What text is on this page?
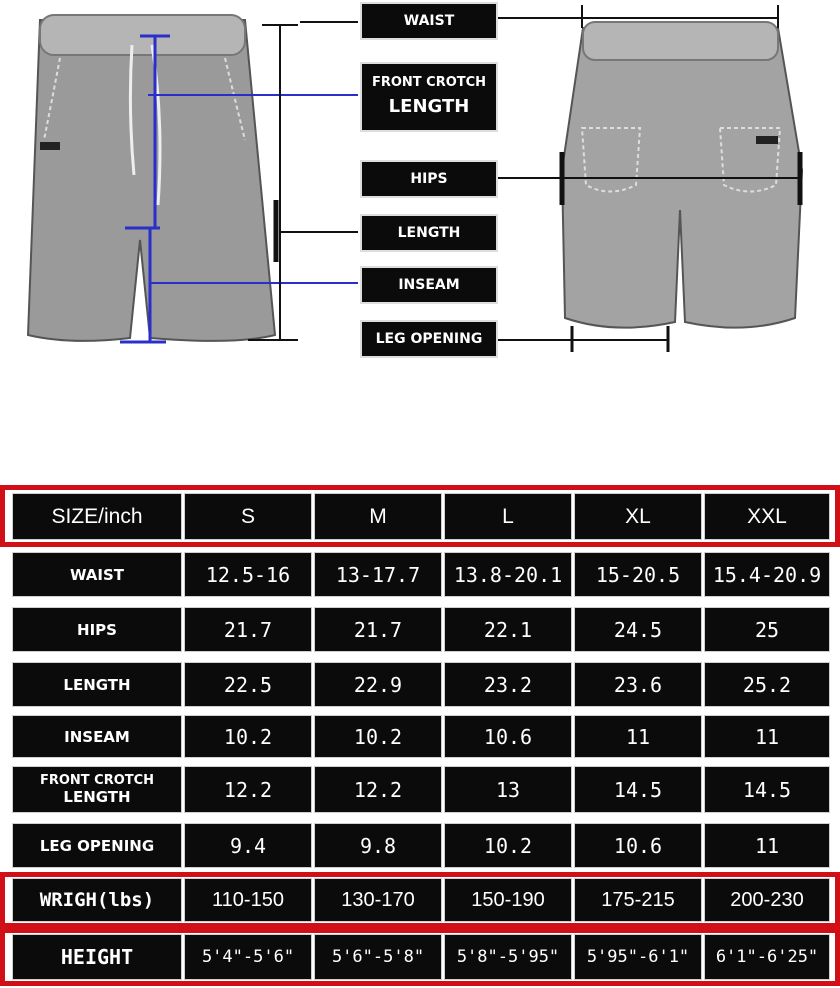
WAIST
FRONT CROTCH
LENGTH
HIPS
LENGTH
INSEAM
LEG OPENING
SIZE/inch	S	M	L	XL	XXL
WAIST	12.5-16	13-17.7	13.8-20.1	15-20.5	15.4-20.9
HIPS	21.7	21.7	22.1	24.5	25
LENGTH	22.5	22.9	23.2	23.6	25.2
INSEAM	10.2	10.2	10.6	11	11
FRONT CROTCH
LENGTH	12.2	12.2	13	14.5	14.5
LEG OPENING	9.4	9.8	10.2	10.6	11
WRIGH(lbs)	110-150	130-170	150-190	175-215	200-230
HEIGHT	5'4"-5'6"	5'6"-5'8"	5'8"-5'95"	5'95"-6'1"	6'1"-6'25"
